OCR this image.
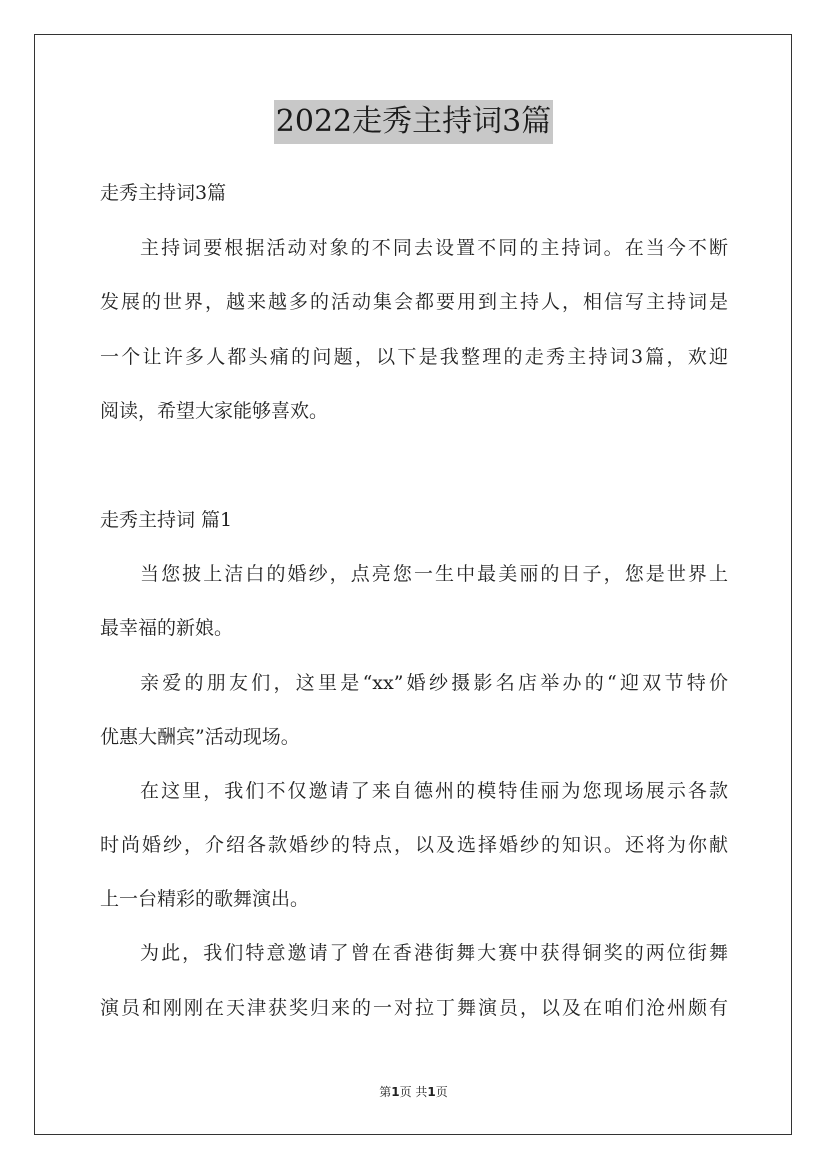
2022走秀主持词3篇
走秀主持词3篇
主持词要根据活动对象的不同去设置不同的主持词。在当今不断
发展的世界，越来越多的活动集会都要用到主持人，相信写主持词是
一个让许多人都头痛的问题，以下是我整理的走秀主持词3篇，欢迎
阅读，希望大家能够喜欢。
走秀主持词 篇1
当您披上洁白的婚纱，点亮您一生中最美丽的日子，您是世界上
最幸福的新娘。
亲爱的朋友们，这里是“xx”婚纱摄影名店举办的“迎双节特价
优惠大酬宾”活动现场。
在这里，我们不仅邀请了来自德州的模特佳丽为您现场展示各款
时尚婚纱，介绍各款婚纱的特点，以及选择婚纱的知识。还将为你献
上一台精彩的歌舞演出。
为此，我们特意邀请了曾在香港街舞大赛中获得铜奖的两位街舞
演员和刚刚在天津获奖归来的一对拉丁舞演员，以及在咱们沧州颇有
第1页 共1页
